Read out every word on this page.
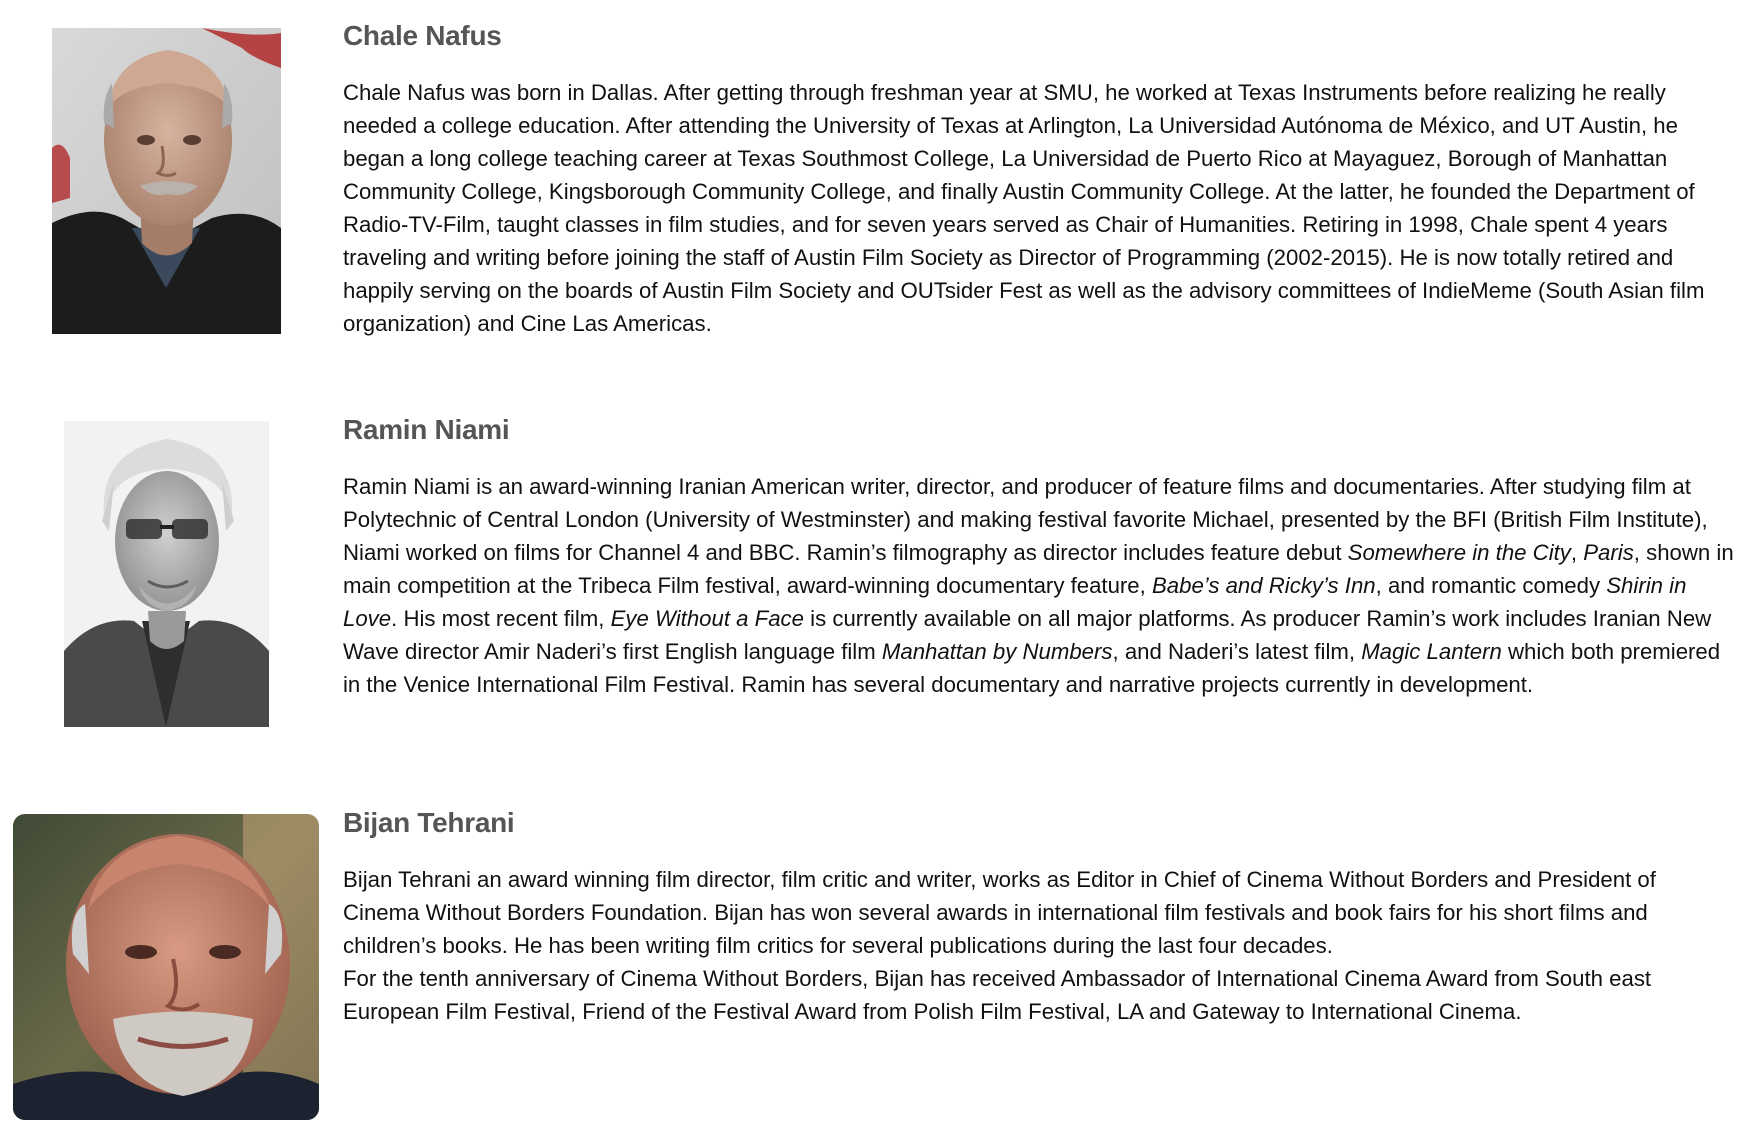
Chale Nafus
Chale Nafus was born in Dallas. After getting through freshman year at SMU, he worked at Texas Instruments before realizing he really needed a college education. After attending the University of Texas at Arlington, La Universidad Autónoma de México, and UT Austin, he began a long college teaching career at Texas Southmost College, La Universidad de Puerto Rico at Mayaguez, Borough of Manhattan Community College, Kingsborough Community College, and finally Austin Community College. At the latter, he founded the Department of Radio-TV-Film, taught classes in film studies, and for seven years served as Chair of Humanities. Retiring in 1998, Chale spent 4 years traveling and writing before joining the staff of Austin Film Society as Director of Programming (2002-2015). He is now totally retired and happily serving on the boards of Austin Film Society and OUTsider Fest as well as the advisory committees of IndieMeme (South Asian film organization) and Cine Las Americas.
Ramin Niami
Ramin Niami is an award-winning Iranian American writer, director, and producer of feature films and documentaries. After studying film at Polytechnic of Central London (University of Westminster) and making festival favorite Michael, presented by the BFI (British Film Institute), Niami worked on films for Channel 4 and BBC. Ramin’s filmography as director includes feature debut Somewhere in the City, Paris, shown in main competition at the Tribeca Film festival, award-winning documentary feature, Babe’s and Ricky’s Inn, and romantic comedy Shirin in Love. His most recent film, Eye Without a Face is currently available on all major platforms. As producer Ramin’s work includes Iranian New Wave director Amir Naderi’s first English language film Manhattan by Numbers, and Naderi’s latest film, Magic Lantern which both premiered in the Venice International Film Festival. Ramin has several documentary and narrative projects currently in development.
Bijan Tehrani
Bijan Tehrani an award winning film director, film critic and writer, works as Editor in Chief of Cinema Without Borders and President of Cinema Without Borders Foundation. Bijan has won several awards in international film festivals and book fairs for his short films and children’s books. He has been writing film critics for several publications during the last four decades.
For the tenth anniversary of Cinema Without Borders, Bijan has received Ambassador of International Cinema Award from South east European Film Festival, Friend of the Festival Award from Polish Film Festival, LA and Gateway to International Cinema.
